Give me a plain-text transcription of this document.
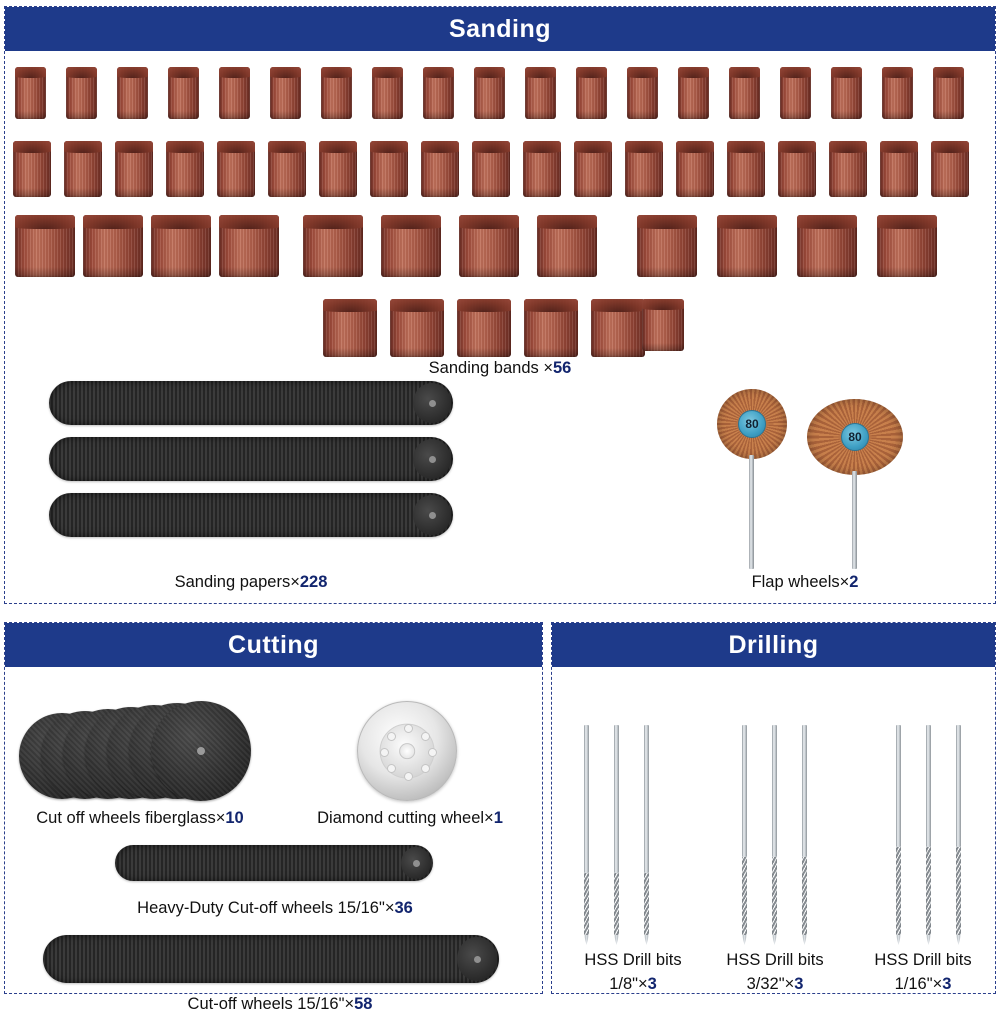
Sanding
Sanding bands ×56
Sanding papers×228
80
80
Flap wheels×2
Cutting
Cut off wheels fiberglass×10	Diamond cutting wheel×1
Heavy-Duty Cut-off wheels 15/16"×36
Cut-off wheels 15/16"×58
Drilling
HSS Drill bits
1/8"×3
HSS Drill bits
3/32"×3
HSS Drill bits
1/16"×3
